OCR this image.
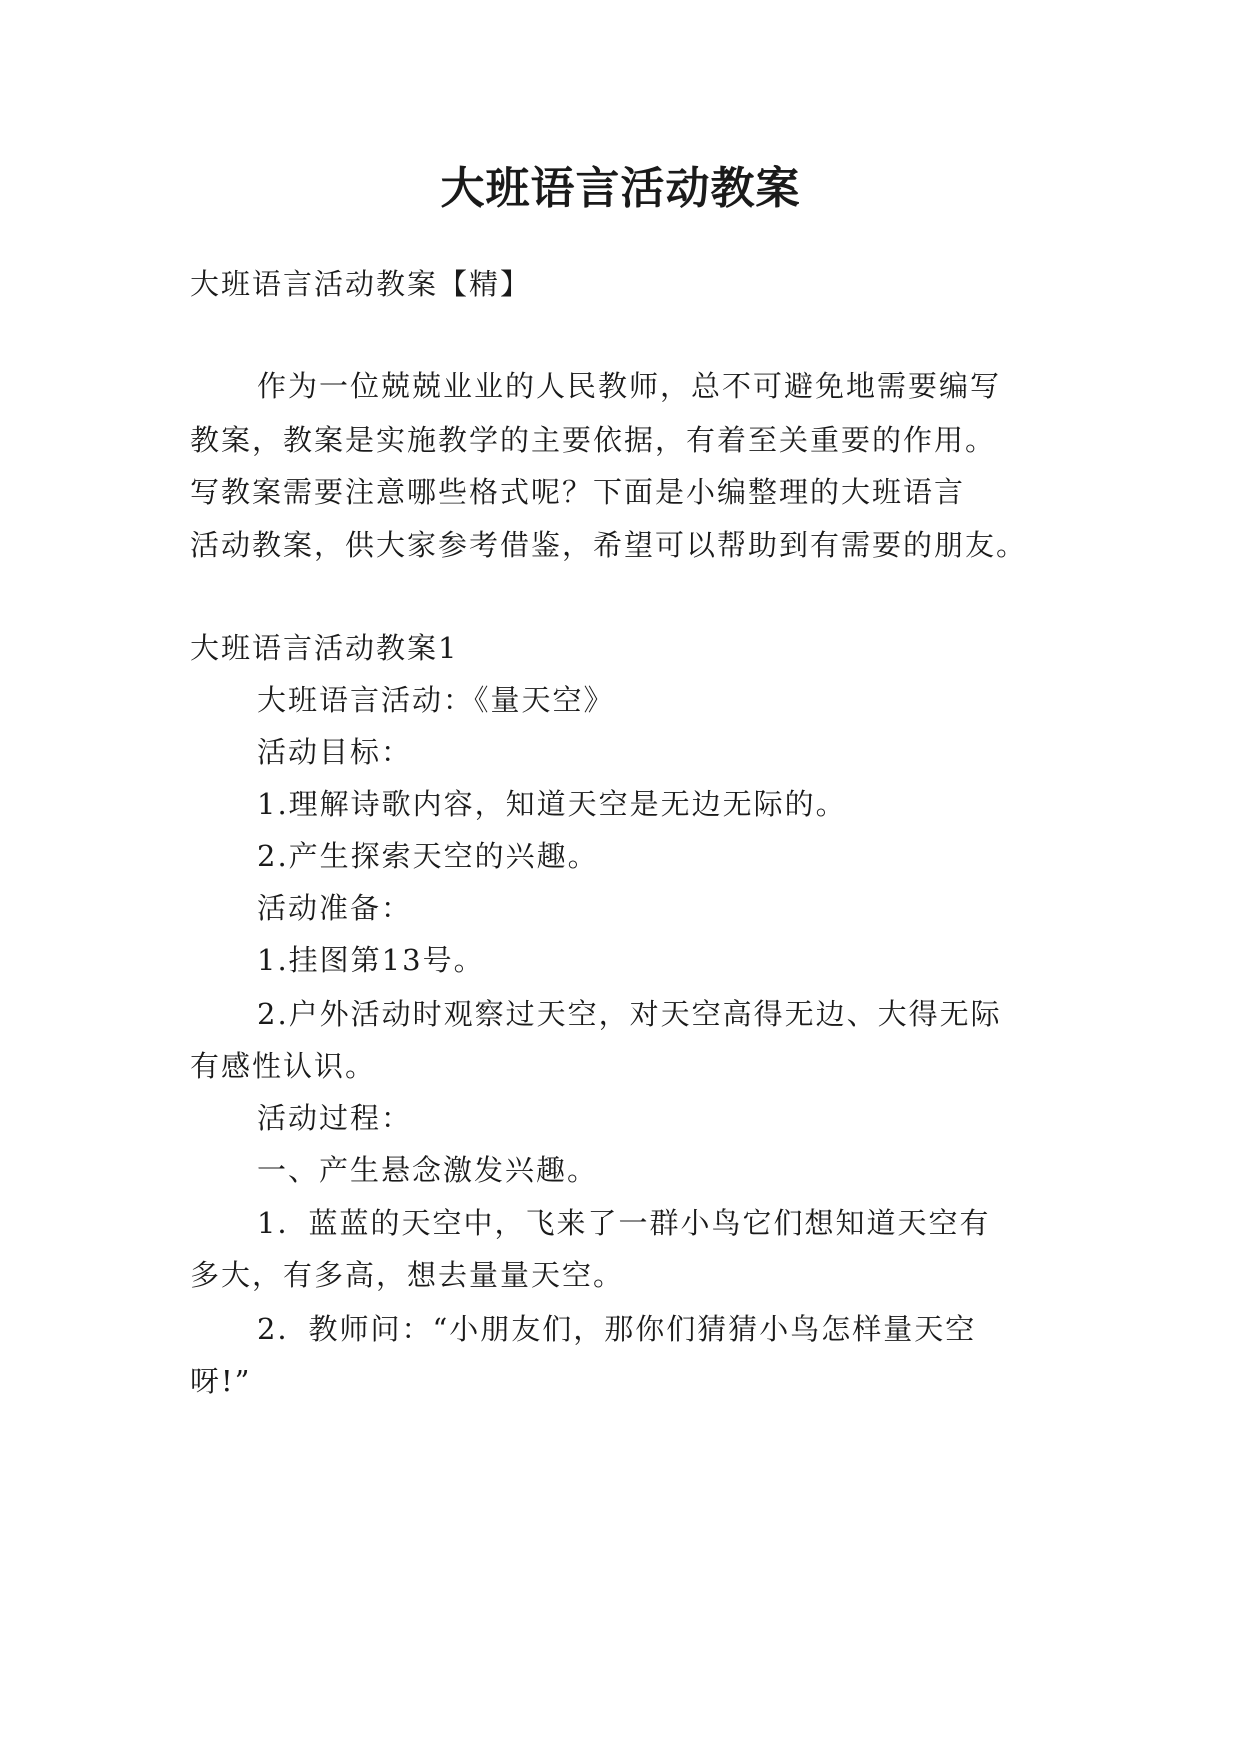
大班语言活动教案
大班语言活动教案【精】
作为一位兢兢业业的人民教师，总不可避免地需要编写
教案，教案是实施教学的主要依据，有着至关重要的作用。
写教案需要注意哪些格式呢？下面是小编整理的大班语言
活动教案，供大家参考借鉴，希望可以帮助到有需要的朋友。
大班语言活动教案1
大班语言活动：《量天空》
活动目标：
1.理解诗歌内容，知道天空是无边无际的。
2.产生探索天空的兴趣。
活动准备：
1.挂图第13号。
2.户外活动时观察过天空，对天空高得无边、大得无际
有感性认识。
活动过程：
一、产生悬念激发兴趣。
1．蓝蓝的天空中，飞来了一群小鸟它们想知道天空有
多大，有多高，想去量量天空。
2．教师问：“小朋友们，那你们猜猜小鸟怎样量天空
呀!”
